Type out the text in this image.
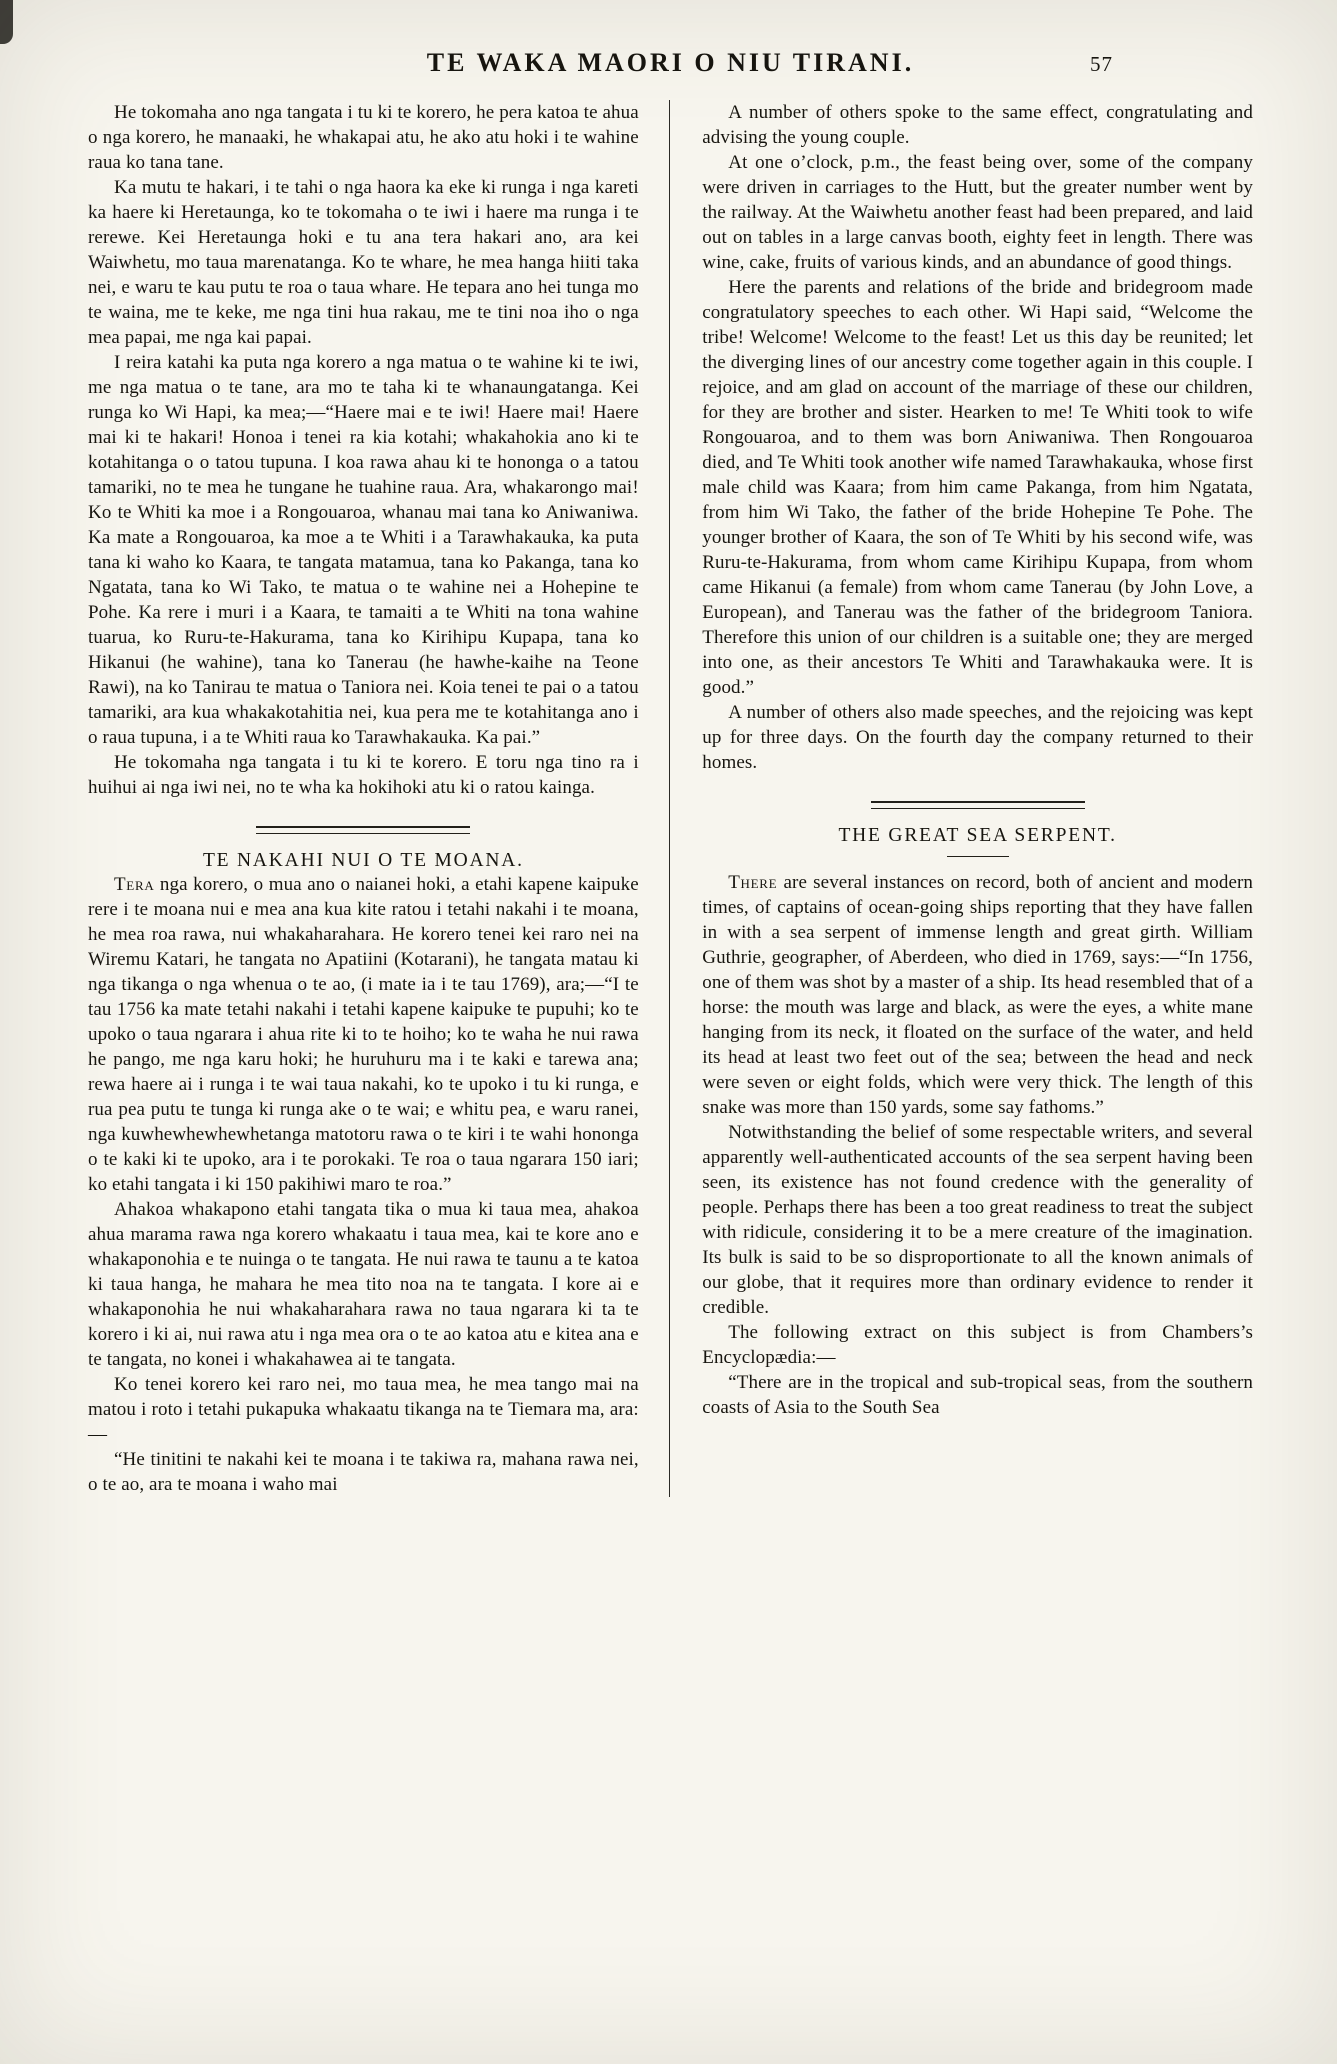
TE WAKA MAORI O NIU TIRANI.	57

He tokomaha ano nga tangata i tu ki te korero, he pera katoa te ahua o nga korero, he manaaki, he whakapai atu, he ako atu hoki i te wahine raua ko tana tane.

Ka mutu te hakari, i te tahi o nga haora ka eke ki runga i nga kareti ka haere ki Heretaunga, ko te tokomaha o te iwi i haere ma runga i te rerewe. Kei Heretaunga hoki e tu ana tera hakari ano, ara kei Waiwhetu, mo taua marenatanga. Ko te whare, he mea hanga hiiti taka nei, e waru te kau putu te roa o taua whare. He tepara ano hei tunga mo te waina, me te keke, me nga tini hua rakau, me te tini noa iho o nga mea papai, me nga kai papai.

I reira katahi ka puta nga korero a nga matua o te wahine ki te iwi, me nga matua o te tane, ara mo te taha ki te whanaungatanga. Kei runga ko Wi Hapi, ka mea;—“Haere mai e te iwi! Haere mai! Haere mai ki te hakari! Honoa i tenei ra kia kotahi; whakahokia ano ki te kotahitanga o o tatou tupuna. I koa rawa ahau ki te hononga o a tatou tamariki, no te mea he tungane he tuahine raua. Ara, whakarongo mai! Ko te Whiti ka moe i a Rongouaroa, whanau mai tana ko Aniwaniwa. Ka mate a Rongouaroa, ka moe a te Whiti i a Tarawhakauka, ka puta tana ki waho ko Kaara, te tangata matamua, tana ko Pakanga, tana ko Ngatata, tana ko Wi Tako, te matua o te wahine nei a Hohepine te Pohe. Ka rere i muri i a Kaara, te tamaiti a te Whiti na tona wahine tuarua, ko Ruru-te-Hakurama, tana ko Kirihipu Kupapa, tana ko Hikanui (he wahine), tana ko Tanerau (he hawhe-kaihe na Teone Rawi), na ko Tanirau te matua o Taniora nei. Koia tenei te pai o a tatou tamariki, ara kua whakakotahitia nei, kua pera me te kotahitanga ano i o raua tupuna, i a te Whiti raua ko Tarawhakauka. Ka pai.”

He tokomaha nga tangata i tu ki te korero. E toru nga tino ra i huihui ai nga iwi nei, no te wha ka hokihoki atu ki o ratou kainga.

TE NAKAHI NUI O TE MOANA.

Tera nga korero, o mua ano o naianei hoki, a etahi kapene kaipuke rere i te moana nui e mea ana kua kite ratou i tetahi nakahi i te moana, he mea roa rawa, nui whakaharahara. He korero tenei kei raro nei na Wiremu Katari, he tangata no Apatiini (Kotarani), he tangata matau ki nga tikanga o nga whenua o te ao, (i mate ia i te tau 1769), ara;—“I te tau 1756 ka mate tetahi nakahi i tetahi kapene kaipuke te pupuhi; ko te upoko o taua ngarara i ahua rite ki to te hoiho; ko te waha he nui rawa he pango, me nga karu hoki; he huruhuru ma i te kaki e tarewa ana; rewa haere ai i runga i te wai taua nakahi, ko te upoko i tu ki runga, e rua pea putu te tunga ki runga ake o te wai; e whitu pea, e waru ranei, nga kuwhewhewhewhetanga matotoru rawa o te kiri i te wahi hononga o te kaki ki te upoko, ara i te porokaki. Te roa o taua ngarara 150 iari; ko etahi tangata i ki 150 pakihiwi maro te roa.”

Ahakoa whakapono etahi tangata tika o mua ki taua mea, ahakoa ahua marama rawa nga korero whakaatu i taua mea, kai te kore ano e whakaponohia e te nuinga o te tangata. He nui rawa te taunu a te katoa ki taua hanga, he mahara he mea tito noa na te tangata. I kore ai e whakaponohia he nui whakaharahara rawa no taua ngarara ki ta te korero i ki ai, nui rawa atu i nga mea ora o te ao katoa atu e kitea ana e te tangata, no konei i whakahawea ai te tangata.

Ko tenei korero kei raro nei, mo taua mea, he mea tango mai na matou i roto i tetahi pukapuka whakaatu tikanga na te Tiemara ma, ara:—

“He tinitini te nakahi kei te moana i te takiwa ra, mahana rawa nei, o te ao, ara te moana i waho mai

A number of others spoke to the same effect, congratulating and advising the young couple.

At one o’clock, p.m., the feast being over, some of the company were driven in carriages to the Hutt, but the greater number went by the railway. At the Waiwhetu another feast had been prepared, and laid out on tables in a large canvas booth, eighty feet in length. There was wine, cake, fruits of various kinds, and an abundance of good things.

Here the parents and relations of the bride and bridegroom made congratulatory speeches to each other. Wi Hapi said, “Welcome the tribe! Welcome! Welcome to the feast! Let us this day be reunited; let the diverging lines of our ancestry come together again in this couple. I rejoice, and am glad on account of the marriage of these our children, for they are brother and sister. Hearken to me! Te Whiti took to wife Rongouaroa, and to them was born Aniwaniwa. Then Rongouaroa died, and Te Whiti took another wife named Tarawhakauka, whose first male child was Kaara; from him came Pakanga, from him Ngatata, from him Wi Tako, the father of the bride Hohepine Te Pohe. The younger brother of Kaara, the son of Te Whiti by his second wife, was Ruru-te-Hakurama, from whom came Kirihipu Kupapa, from whom came Hikanui (a female) from whom came Tanerau (by John Love, a European), and Tanerau was the father of the bridegroom Taniora. Therefore this union of our children is a suitable one; they are merged into one, as their ancestors Te Whiti and Tarawhakauka were. It is good.”

A number of others also made speeches, and the rejoicing was kept up for three days. On the fourth day the company returned to their homes.

THE GREAT SEA SERPENT.

There are several instances on record, both of ancient and modern times, of captains of ocean-going ships reporting that they have fallen in with a sea serpent of immense length and great girth. William Guthrie, geographer, of Aberdeen, who died in 1769, says:—“In 1756, one of them was shot by a master of a ship. Its head resembled that of a horse: the mouth was large and black, as were the eyes, a white mane hanging from its neck, it floated on the surface of the water, and held its head at least two feet out of the sea; between the head and neck were seven or eight folds, which were very thick. The length of this snake was more than 150 yards, some say fathoms.”

Notwithstanding the belief of some respectable writers, and several apparently well-authenticated accounts of the sea serpent having been seen, its existence has not found credence with the generality of people. Perhaps there has been a too great readiness to treat the subject with ridicule, considering it to be a mere creature of the imagination. Its bulk is said to be so disproportionate to all the known animals of our globe, that it requires more than ordinary evidence to render it credible.

The following extract on this subject is from Chambers’s Encyclopædia:—

“There are in the tropical and sub-tropical seas, from the southern coasts of Asia to the South Sea
